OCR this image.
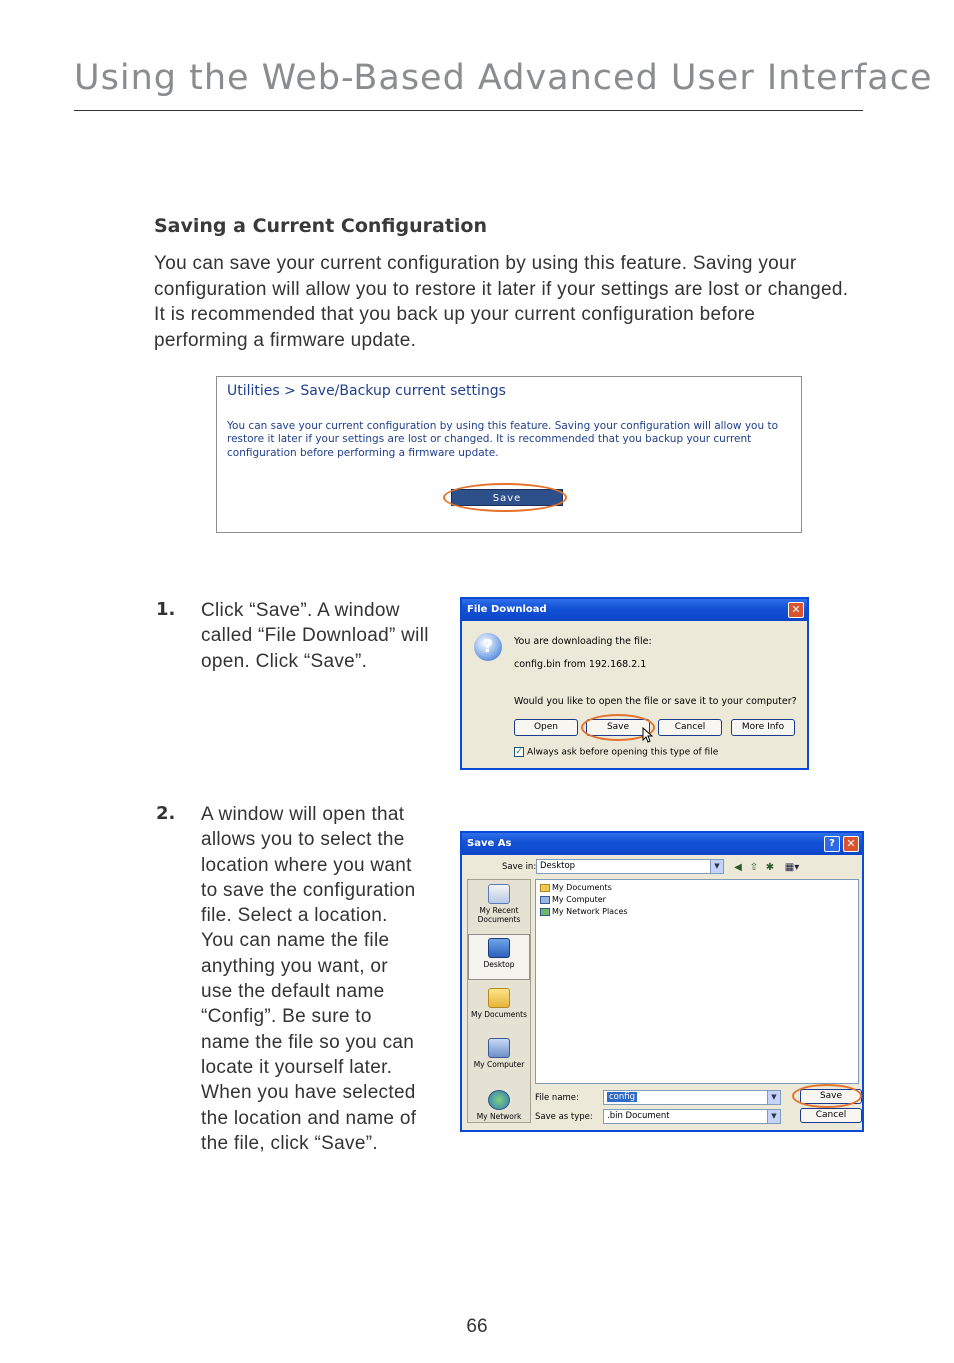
Using the Web-Based Advanced User Interface
Saving a Current Configuration

You can save your current configuration by using this feature. Saving your configuration will allow you to restore it later if your settings are lost or changed. It is recommended that you back up your current configuration before performing a firmware update.

Utilities > Save/Backup current settings
You can save your current configuration by using this feature. Saving your configuration will allow you to restore it later if your settings are lost or changed. It is recommended that you backup your current configuration before performing a firmware update.
Save
1. Click “Save”. A window called “File Download” will open. Click “Save”.

File Download	✕
?	You are downloading the file:
config.bin from 192.168.2.1
Would you like to open the file or save it to your computer?
Open	Save	Cancel	More Info
✓ Always ask before opening this type of file
2. A window will open that allows you to select the location where you want to save the configuration file. Select a location. You can name the file anything you want, or use the default name “Config”. Be sure to name the file so you can locate it yourself later. When you have selected the location and name of the file, click “Save”.

Save As	?	✕
Save in: Desktop	▼	◀ ⇧ ✱ ▦▾
My Recent Documents
Desktop
My Documents
My Computer
My Network
My Documents
My Computer
My Network Places
File name:	config	▼
Save as type:	.bin Document	▼
Save
Cancel
66
